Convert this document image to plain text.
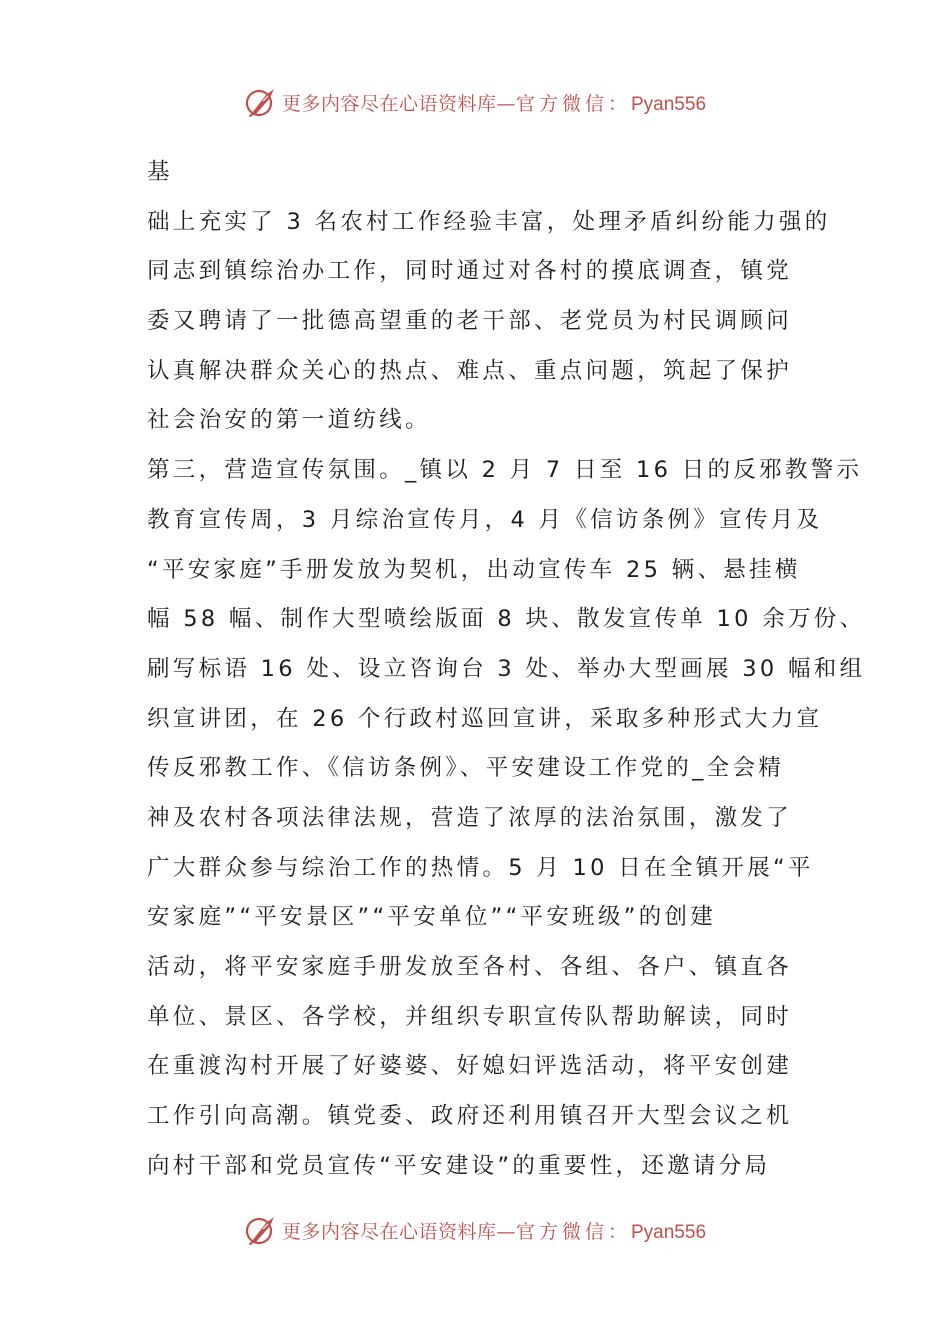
更多内容尽在心语资料库—官方微信：Pyan556
基
础上充实了 3 名农村工作经验丰富，处理矛盾纠纷能力强的
同志到镇综治办工作，同时通过对各村的摸底调查，镇党
委又聘请了一批德高望重的老干部、老党员为村民调顾问
认真解决群众关心的热点、难点、重点问题，筑起了保护
社会治安的第一道纺线。
第三，营造宣传氛围。_镇以 2 月 7 日至 16 日的反邪教警示
教育宣传周，3 月综治宣传月，4 月《信访条例》宣传月及
“平安家庭”手册发放为契机，出动宣传车 25 辆、悬挂横
幅 58 幅、制作大型喷绘版面 8 块、散发宣传单 10 余万份、
刷写标语 16 处、设立咨询台 3 处、举办大型画展 30 幅和组
织宣讲团，在 26 个行政村巡回宣讲，采取多种形式大力宣
传反邪教工作、《信访条例》、平安建设工作党的_全会精
神及农村各项法律法规，营造了浓厚的法治氛围，激发了
广大群众参与综治工作的热情。5 月 10 日在全镇开展“平
安家庭”“平安景区”“平安单位”“平安班级”的创建
活动，将平安家庭手册发放至各村、各组、各户、镇直各
单位、景区、各学校，并组织专职宣传队帮助解读，同时
在重渡沟村开展了好婆婆、好媳妇评选活动，将平安创建
工作引向高潮。镇党委、政府还利用镇召开大型会议之机
向村干部和党员宣传“平安建设”的重要性，还邀请分局
更多内容尽在心语资料库—官方微信：Pyan556
